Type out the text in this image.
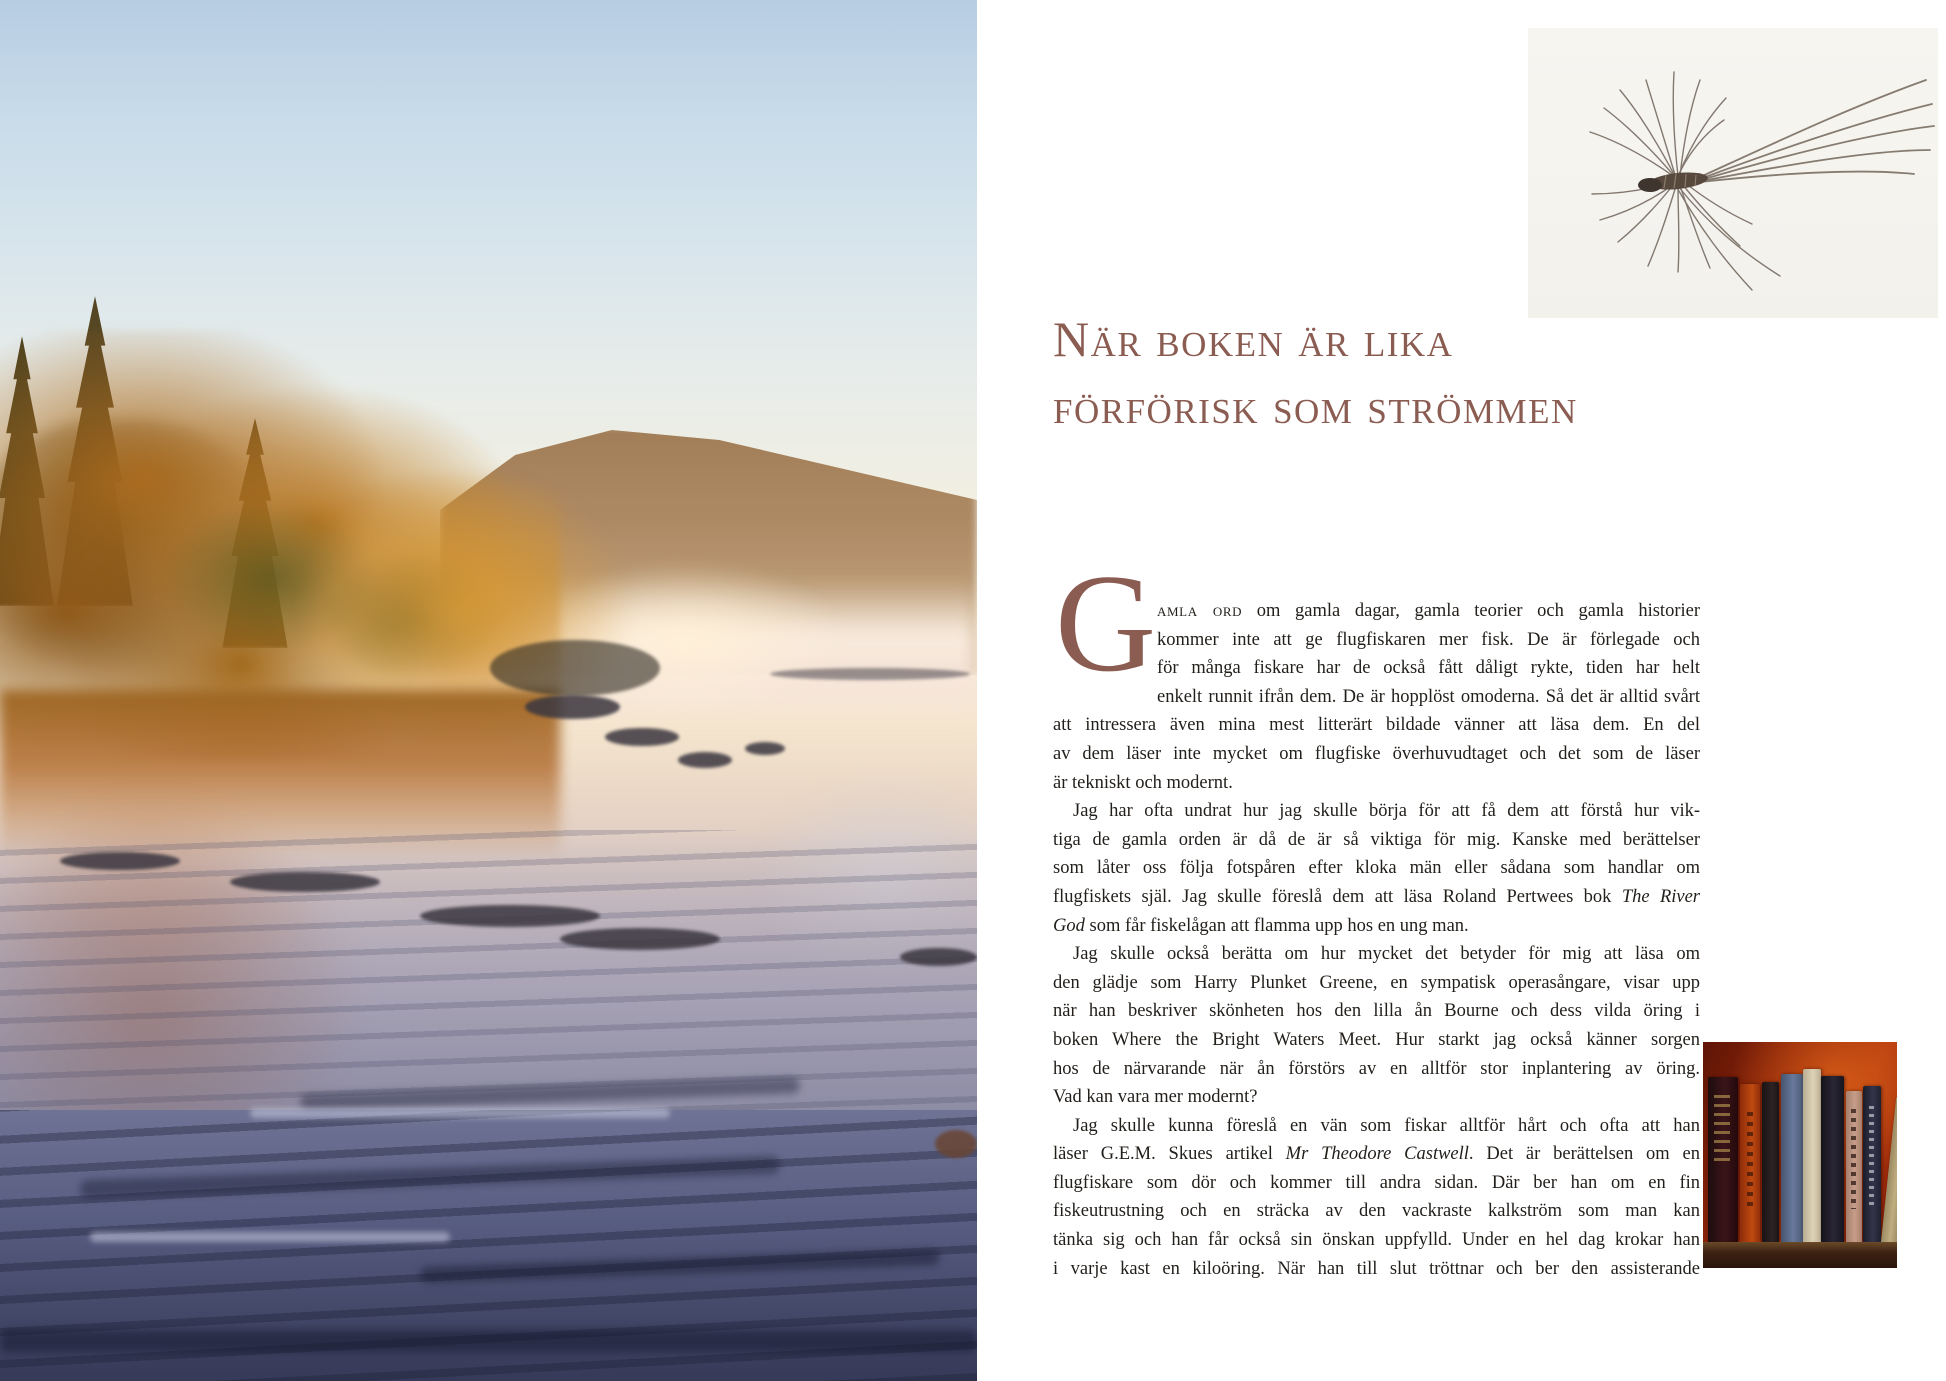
När boken är lika
förförisk som strömmen
G amla ord om gamla dagar, gamla teorier och gamla historier
kommer inte att ge flugfiskaren mer fisk. De är förlegade och
för många fiskare har de också fått dåligt rykte, tiden har helt
enkelt runnit ifrån dem. De är hopplöst omoderna. Så det är alltid svårt
att intressera även mina mest litterärt bildade vänner att läsa dem. En del
av dem läser inte mycket om flugfiske överhuvudtaget och det som de läser
är tekniskt och modernt.
Jag har ofta undrat hur jag skulle börja för att få dem att förstå hur vik-
tiga de gamla orden är då de är så viktiga för mig. Kanske med berättelser
som låter oss följa fotspåren efter kloka män eller sådana som handlar om
flugfiskets själ. Jag skulle föreslå dem att läsa Roland Pertwees bok The River
God som får fiskelågan att flamma upp hos en ung man.
Jag skulle också berätta om hur mycket det betyder för mig att läsa om
den glädje som Harry Plunket Greene, en sympatisk operasångare, visar upp
när han beskriver skönheten hos den lilla ån Bourne och dess vilda öring i
boken Where the Bright Waters Meet. Hur starkt jag också känner sorgen
hos de närvarande när ån förstörs av en alltför stor inplantering av öring.
Vad kan vara mer modernt?
Jag skulle kunna föreslå en vän som fiskar alltför hårt och ofta att han
läser G.E.M. Skues artikel Mr Theodore Castwell. Det är berättelsen om en
flugfiskare som dör och kommer till andra sidan. Där ber han om en fin
fiskeutrustning och en sträcka av den vackraste kalkström som man kan
tänka sig och han får också sin önskan uppfylld. Under en hel dag krokar han
i varje kast en kiloöring. När han till slut tröttnar och ber den assisterande
